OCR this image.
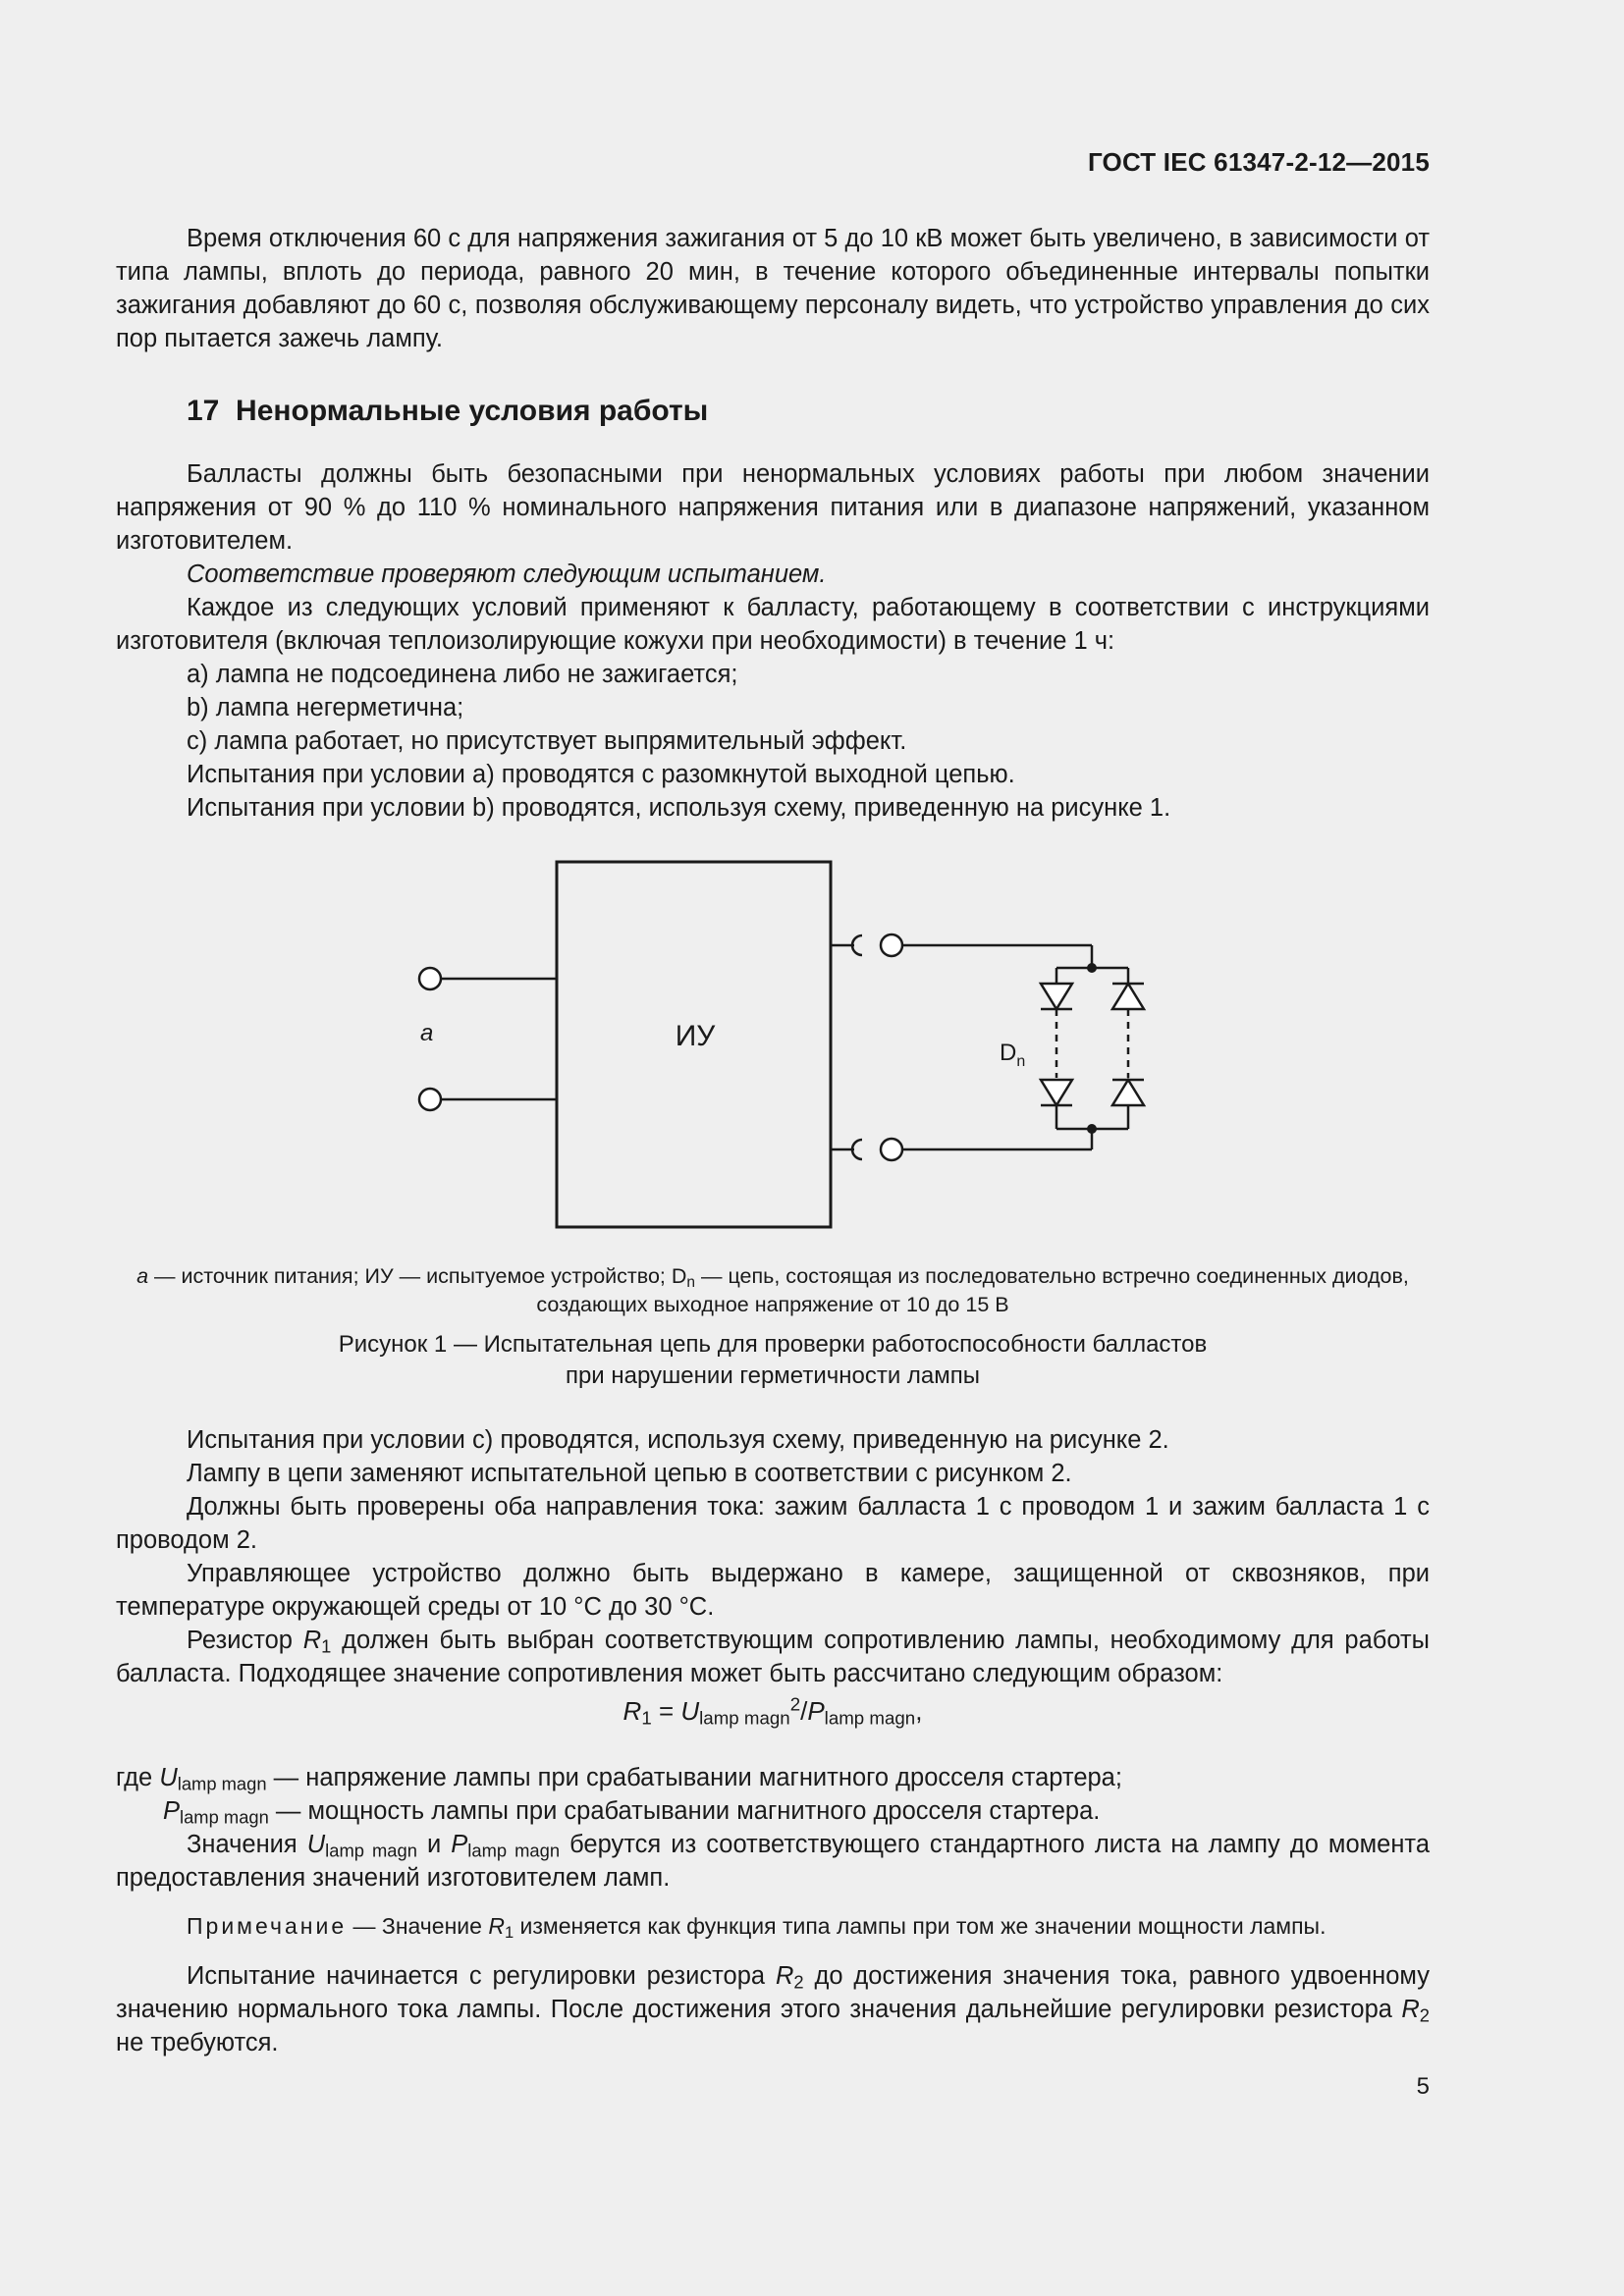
ГОСТ IEC 61347-2-12—2015

Время отключения 60 с для напряжения зажигания от 5 до 10 кВ может быть увеличено, в зависимости от типа лампы, вплоть до периода, равного 20 мин, в течение которого объединенные интервалы попытки зажигания добавляют до 60 с, позволяя обслуживающему персоналу видеть, что устройство управления до сих пор пытается зажечь лампу.

17 Ненормальные условия работы

Балласты должны быть безопасными при ненормальных условиях работы при любом значении напряжения от 90 % до 110 % номинального напряжения питания или в диапазоне напряжений, указанном изготовителем.

Соответствие проверяют следующим испытанием.

Каждое из следующих условий применяют к балласту, работающему в соответствии с инструкциями изготовителя (включая теплоизолирующие кожухи при необходимости) в течение 1 ч:

a) лампа не подсоединена либо не зажигается;

b) лампа негерметична;

c) лампа работает, но присутствует выпрямительный эффект.

Испытания при условии a) проводятся с разомкнутой выходной цепью.

Испытания при условии b) проводятся, используя схему, приведенную на рисунке 1.

ИУ
a
$D_n$
a — источник питания; ИУ — испытуемое устройство; $D_n$ — цепь, состоящая из последовательно встречно соединенных диодов,
создающих выходное напряжение от 10 до 15 В
Рисунок 1 — Испытательная цепь для проверки работоспособности балластов
при нарушении герметичности лампы

Испытания при условии c) проводятся, используя схему, приведенную на рисунке 2.

Лампу в цепи заменяют испытательной цепью в соответствии с рисунком 2.

Должны быть проверены оба направления тока: зажим балласта 1 с проводом 1 и зажим балласта 1 с проводом 2.

Управляющее устройство должно быть выдержано в камере, защищенной от сквозняков, при температуре окружающей среды от 10 °C до 30 °C.

Резистор $R_1$ должен быть выбран соответствующим сопротивлению лампы, необходимому для работы балласта. Подходящее значение сопротивления может быть рассчитано следующим образом:

$R_1 = U_{lamp magn}^2/P_{lamp magn}$,
где $U_{lamp magn}$ — напряжение лампы при срабатывании магнитного дросселя стартера;
$P_{lamp magn}$ — мощность лампы при срабатывании магнитного дросселя стартера.

Значения $U_{lamp magn}$ и $P_{lamp magn}$ берутся из соответствующего стандартного листа на лампу до момента предоставления значений изготовителем ламп.

Примечание — Значение $R_1$ изменяется как функция типа лампы при том же значении мощности лампы.

Испытание начинается с регулировки резистора $R_2$ до достижения значения тока, равного удвоенному значению нормального тока лампы. После достижения этого значения дальнейшие регулировки резистора $R_2$ не требуются.

5
